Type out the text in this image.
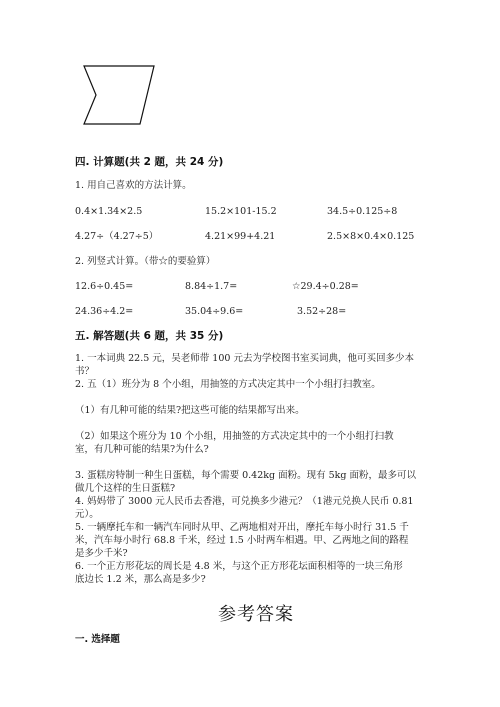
四. 计算题(共 2 题，共 24 分)
1. 用自己喜欢的方法计算。
0.4×1.34×2.5	15.2×101-15.2	34.5÷0.125÷8
4.27÷（4.27÷5）	4.21×99+4.21	2.5×8×0.4×0.125
2. 列竖式计算。（带☆的要验算）
12.6÷0.45=	8.84÷1.7=	☆29.4÷0.28=
24.36÷4.2=	35.04÷9.6=	3.52÷28=
五. 解答题(共 6 题，共 35 分)
1. 一本词典 22.5 元，吴老师带 100 元去为学校图书室买词典，他可买回多少本
书？
2. 五（1）班分为 8 个小组，用抽签的方式决定其中一个小组打扫教室。
（1）有几种可能的结果?把这些可能的结果都写出来。
（2）如果这个班分为 10 个小组，用抽签的方式决定其中的一个小组打扫教
室，有几种可能的结果?为什么?
3. 蛋糕房特制一种生日蛋糕，每个需要 0.42kg 面粉。现有 5kg 面粉，最多可以
做几个这样的生日蛋糕?
4. 妈妈带了 3000 元人民币去香港，可兑换多少港元？（1港元兑换人民币 0.81
元）。
5. 一辆摩托车和一辆汽车同时从甲、乙两地相对开出，摩托车每小时行 31.5 千
米，汽车每小时行 68.8 千米，经过 1.5 小时两车相遇。甲、乙两地之间的路程
是多少千米?
6. 一个正方形花坛的周长是 4.8 米，与这个正方形花坛面积相等的一块三角形
底边长 1.2 米，那么高是多少?
参考答案
一. 选择题
